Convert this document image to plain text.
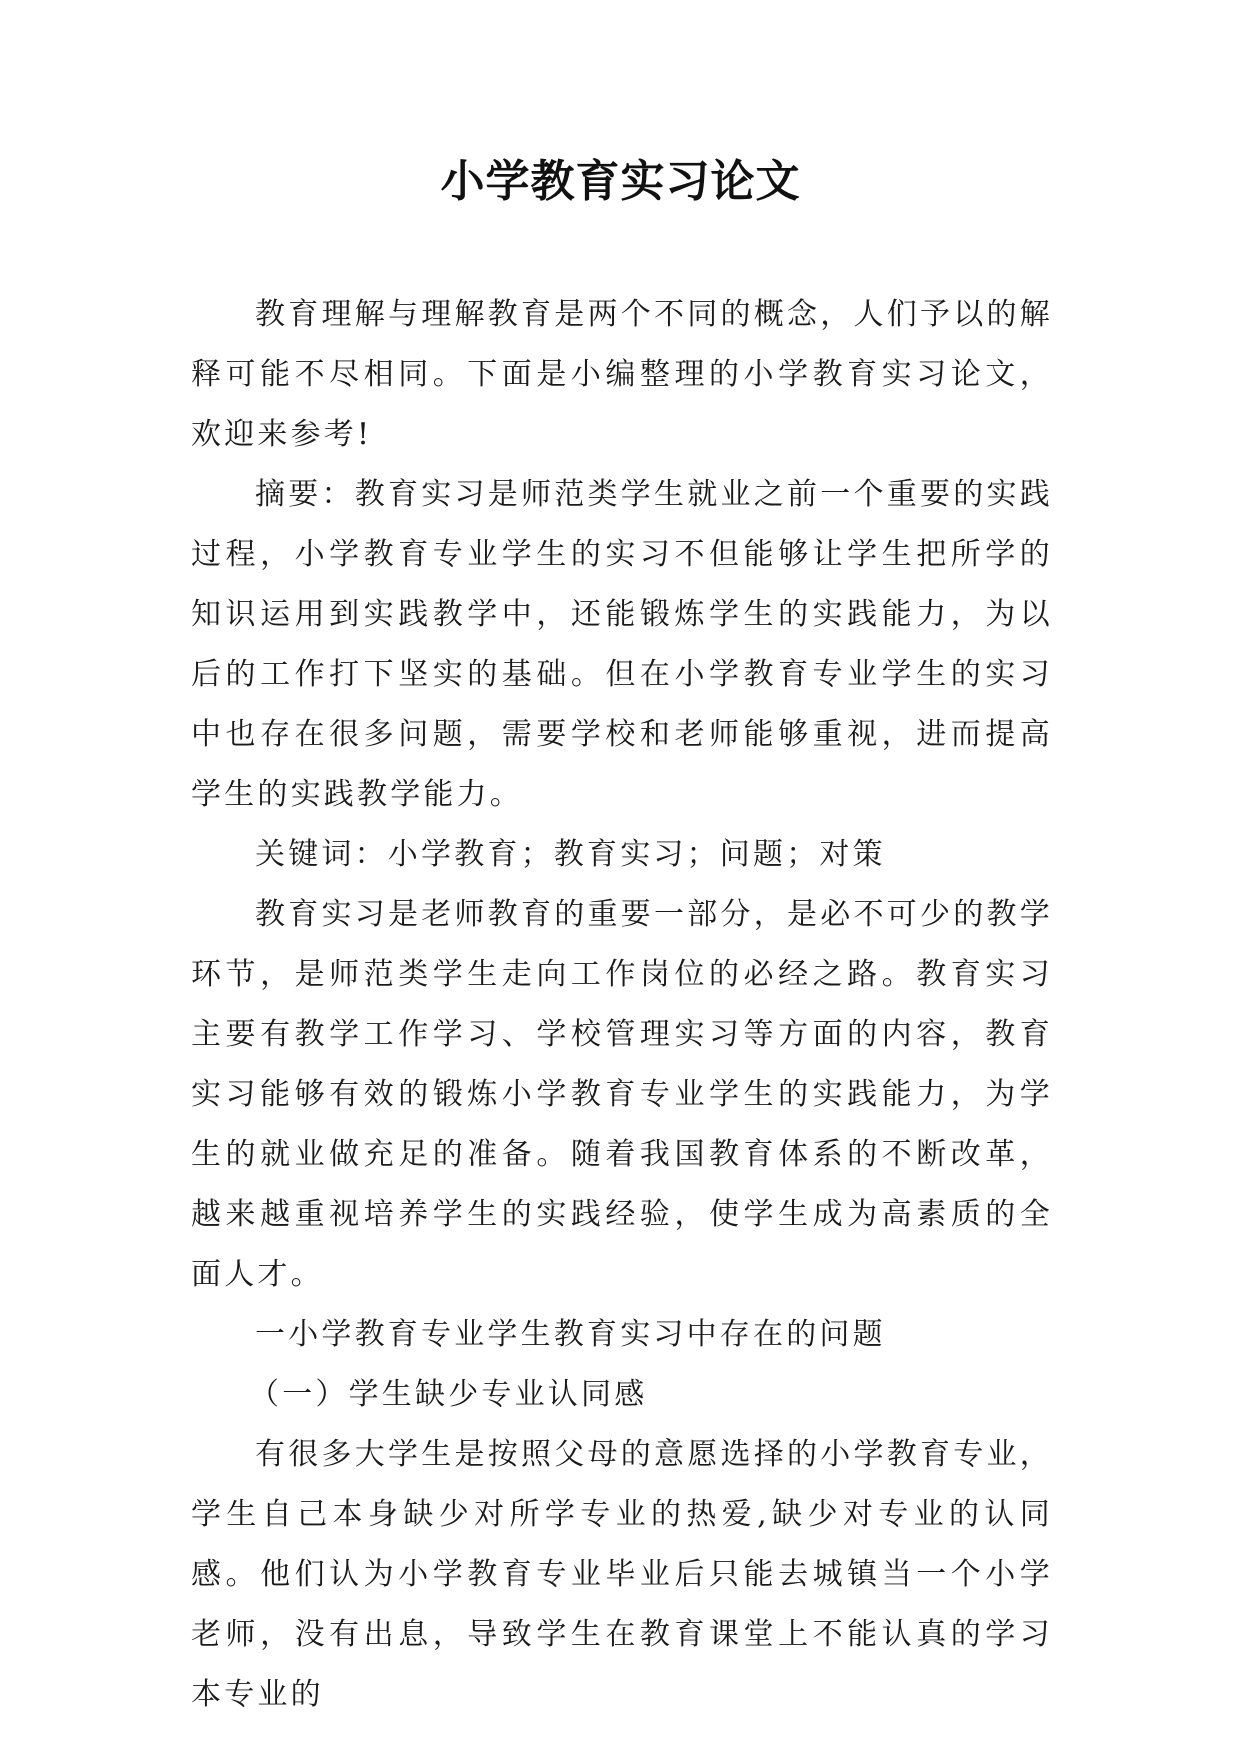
小学教育实习论文

教育理解与理解教育是两个不同的概念，人们予以的解释可能不尽相同。下面是小编整理的小学教育实习论文，欢迎来参考!

摘要：教育实习是师范类学生就业之前一个重要的实践过程，小学教育专业学生的实习不但能够让学生把所学的知识运用到实践教学中，还能锻炼学生的实践能力，为以后的工作打下坚实的基础。但在小学教育专业学生的实习中也存在很多问题，需要学校和老师能够重视，进而提高学生的实践教学能力。

关键词：小学教育；教育实习；问题；对策

教育实习是老师教育的重要一部分，是必不可少的教学环节，是师范类学生走向工作岗位的必经之路。教育实习主要有教学工作学习、学校管理实习等方面的内容，教育实习能够有效的锻炼小学教育专业学生的实践能力，为学生的就业做充足的准备。随着我国教育体系的不断改革，越来越重视培养学生的实践经验，使学生成为高素质的全面人才。

一小学教育专业学生教育实习中存在的问题

（一）学生缺少专业认同感

有很多大学生是按照父母的意愿选择的小学教育专业，学生自己本身缺少对所学专业的热爱,缺少对专业的认同感。他们认为小学教育专业毕业后只能去城镇当一个小学老师，没有出息，导致学生在教育课堂上不能认真的学习本专业的
